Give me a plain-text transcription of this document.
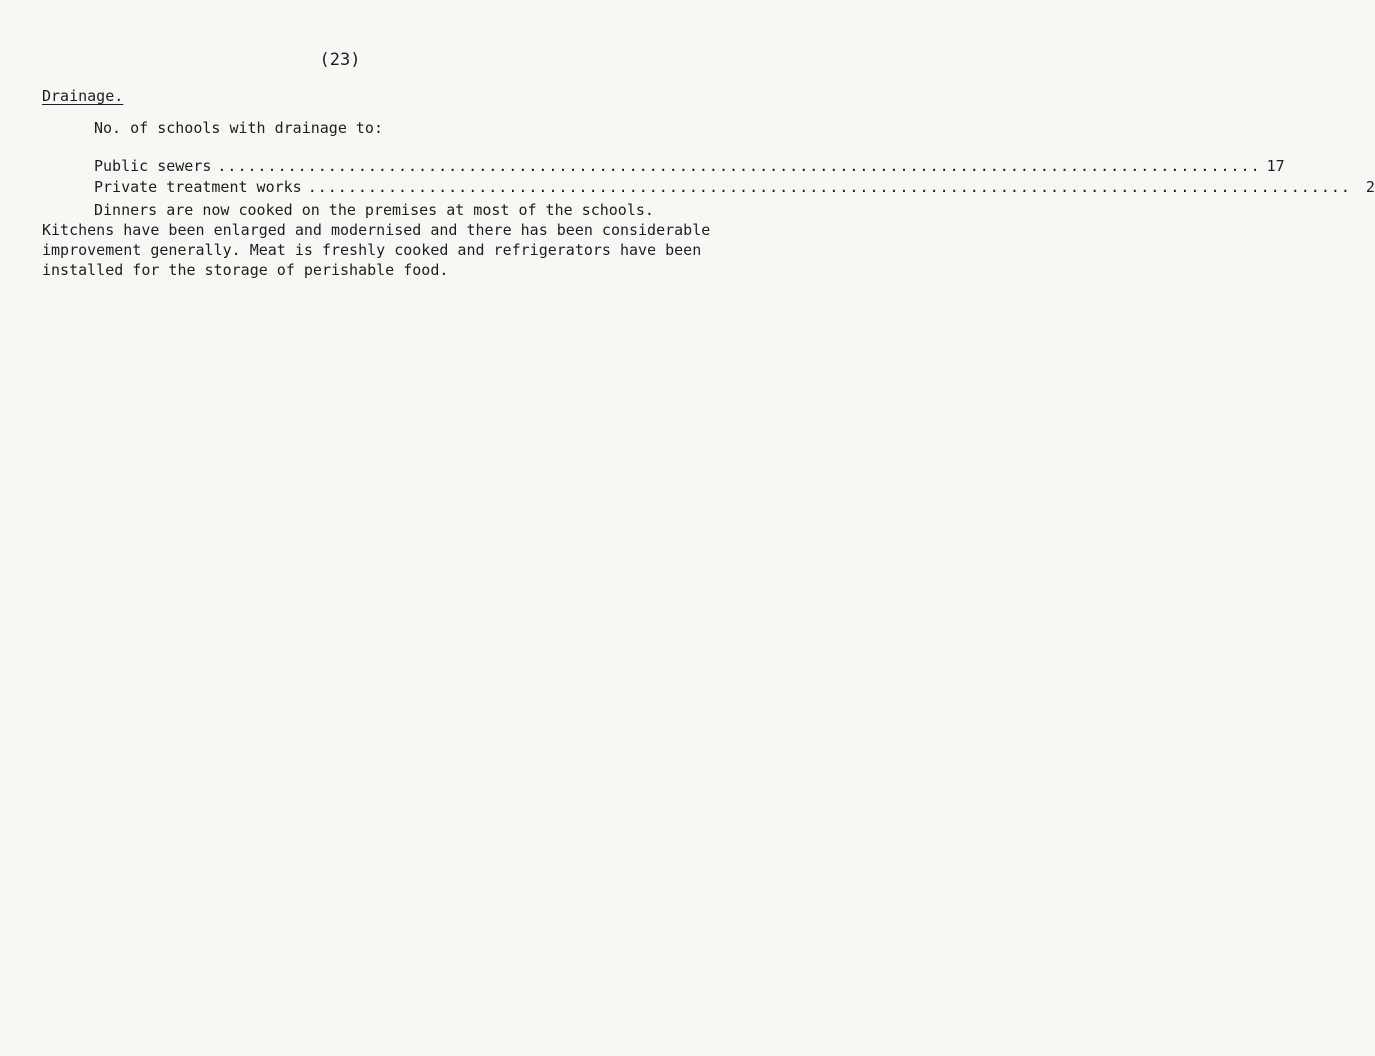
(23)
Drainage.
No. of schools with drainage to:
Public sewers ........................................................................................................ 17
Private treatment works ........................................................................................................ 2
Dinners are now cooked on the premises at most of the schools.
Kitchens have been enlarged and modernised and there has been considerable
improvement generally. Meat is freshly cooked and refrigerators have been
installed for the storage of perishable food.
